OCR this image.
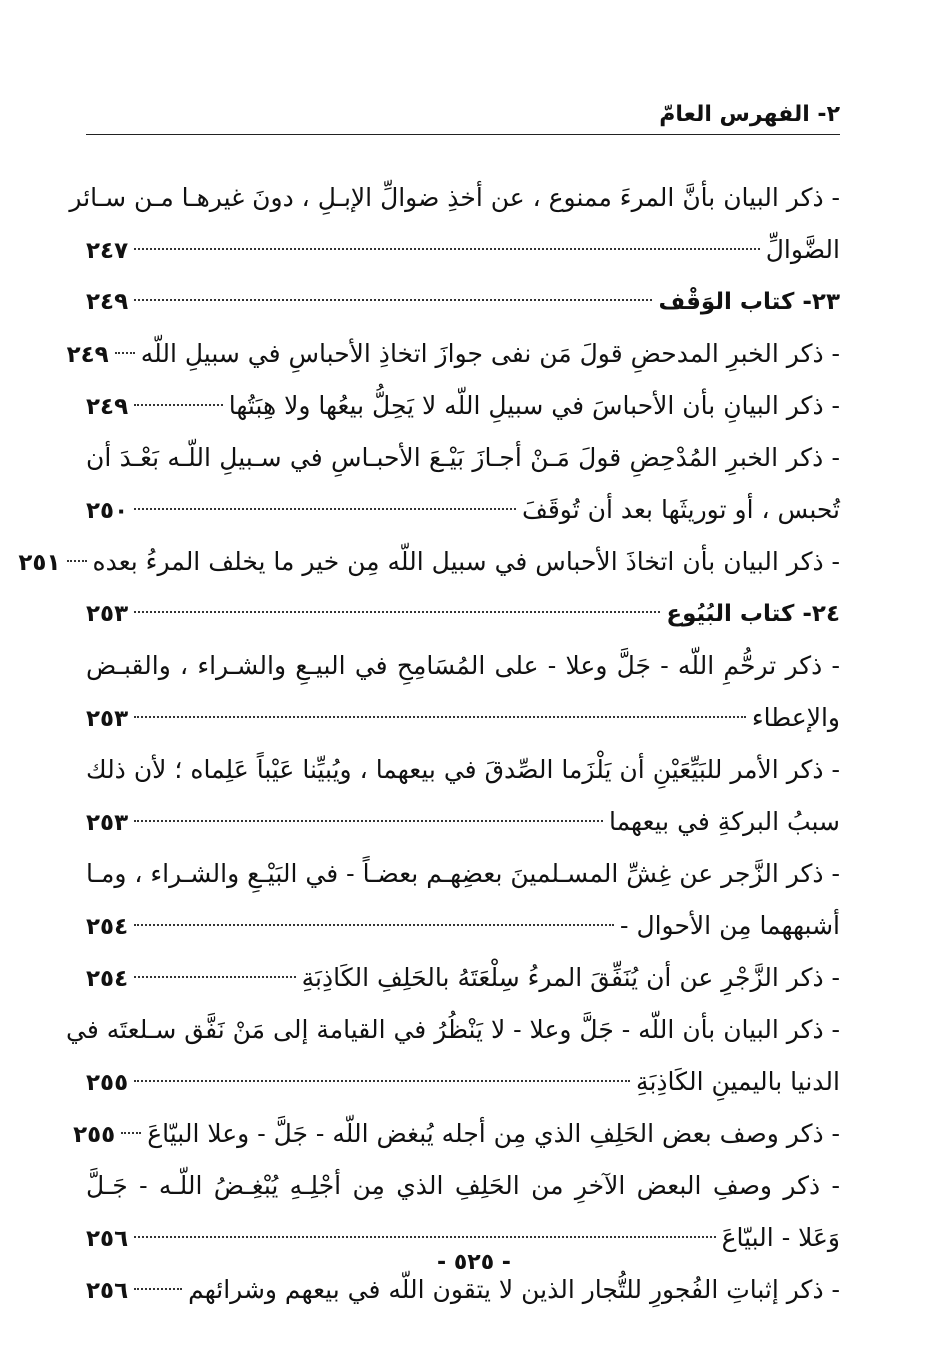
٢- الفهرس العامّ
- ذكر البيان بأنَّ المرءَ ممنوع ، عن أخذِ ضوالِّ الإبـلِ ، دونَ غيرهـا مـن سـائر
الضَّوالِّ
٢٤٧
٢٣- كتاب الوَقْف
٢٤٩
- ذكر الخبرِ المدحضِ قولَ مَن نفى جوازَ اتخاذِ الأحباسِ في سبيلِ اللّه
٢٤٩
- ذكر البيانِ بأن الأحباسَ في سبيلِ اللّه لا يَحِلُّ بيعُها ولا هِبَتُها
٢٤٩
- ذكر الخبرِ المُدْحِضِ قولَ مَـنْ أجـازَ بَيْـعَ الأحبـاسِ في سـبيلِ اللّـه بَعْـدَ أن
تُحبس ، أو توريثَها بعد أن تُوقَفَ
٢٥٠
- ذكر البيان بأن اتخاذَ الأحباس في سبيل اللّه مِن خير ما يخلف المرءُ بعده
٢٥١
٢٤- كتاب البُيُوع
٢٥٣
- ذكر ترحُّمِ اللّه - جَلَّ وعلا - على المُسَامِحِ في البيـعِ والشـراء ، والقبـض
والإعطاء
٢٥٣
- ذكر الأمر للبَيِّعَيْنِ أن يَلْزَما الصِّدقَ في بيعهما ، ويُبيِّنا عَيْباً عَلِماه ؛ لأن ذلك
سببُ البركةِ في بيعهما
٢٥٣
- ذكر الزَّجر عن غِشِّ المسـلمينَ بعضِهـم بعضـاً - في البَيْـعِ والشـراء ، ومـا
أشبههما مِن الأحوال -
٢٥٤
- ذكر الزَّجْرِ عن أن يُنَفِّقَ المرءُ سِلْعَتَهُ بالحَلِفِ الكَاذِبَةِ
٢٥٤
- ذكر البيان بأن اللّه - جَلَّ وعلا - لا يَنْظُرُ في القيامة إلى مَنْ نَفَّق سـلعتَه في
الدنيا باليمينِ الكَاذِبَةِ
٢٥٥
- ذكر وصف بعض الحَلِفِ الذي مِن أجله يُبغض اللّه - جَلَّ - وعلا البيّاعَ
٢٥٥
- ذكر وصفِ البعض الآخرِ من الحَلِفِ الذي مِن أجْلِـهِ يُبْغِـضُ اللّـه - جَـلَّ
وَعَلا - البيّاعَ
٢٥٦
- ذكر إثباتِ الفُجورِ للتُّجار الذين لا يتقون اللّه في بيعهم وشرائهم
٢٥٦
- ٥٢٥ -
